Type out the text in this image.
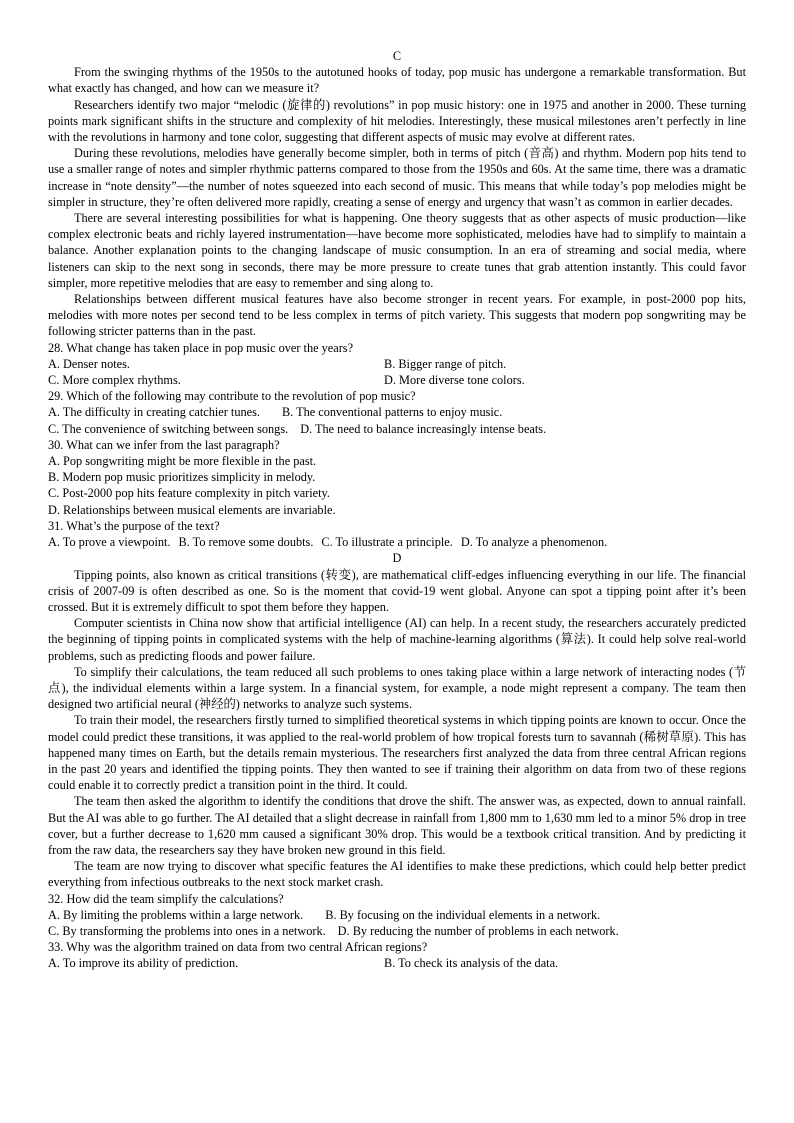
C

From the swinging rhythms of the 1950s to the autotuned hooks of today, pop music has undergone a remarkable transformation. But what exactly has changed, and how can we measure it?

Researchers identify two major “melodic (旋律的) revolutions” in pop music history: one in 1975 and another in 2000. These turning points mark significant shifts in the structure and complexity of hit melodies. Interestingly, these musical milestones aren’t perfectly in line with the revolutions in harmony and tone color, suggesting that different aspects of music may evolve at different rates.

During these revolutions, melodies have generally become simpler, both in terms of pitch (音高) and rhythm. Modern pop hits tend to use a smaller range of notes and simpler rhythmic patterns compared to those from the 1950s and 60s. At the same time, there was a dramatic increase in “note density”—the number of notes squeezed into each second of music. This means that while today’s pop melodies might be simpler in structure, they’re often delivered more rapidly, creating a sense of energy and urgency that wasn’t as common in earlier decades.

There are several interesting possibilities for what is happening. One theory suggests that as other aspects of music production—like complex electronic beats and richly layered instrumentation—have become more sophisticated, melodies have had to simplify to maintain a balance. Another explanation points to the changing landscape of music consumption. In an era of streaming and social media, where listeners can skip to the next song in seconds, there may be more pressure to create tunes that grab attention instantly. This could favor simpler, more repetitive melodies that are easy to remember and sing along to.

Relationships between different musical features have also become stronger in recent years. For example, in post-2000 pop hits, melodies with more notes per second tend to be less complex in terms of pitch variety. This suggests that modern pop songwriting may be following stricter patterns than in the past.

28. What change has taken place in pop music over the years?
A. Denser notes.	B. Bigger range of pitch.
C. More complex rhythms.	D. More diverse tone colors.
29. Which of the following may contribute to the revolution of pop music?
A. The difficulty in creating catchier tunes. B. The conventional patterns to enjoy music.
C. The convenience of switching between songs. D. The need to balance increasingly intense beats.
30. What can we infer from the last paragraph?
A. Pop songwriting might be more flexible in the past.
B. Modern pop music prioritizes simplicity in melody.
C. Post-2000 pop hits feature complexity in pitch variety.
D. Relationships between musical elements are invariable.
31. What’s the purpose of the text?
A. To prove a viewpoint. B. To remove some doubts. C. To illustrate a principle. D. To analyze a phenomenon.
D

Tipping points, also known as critical transitions (转变), are mathematical cliff-edges influencing everything in our life. The financial crisis of 2007-09 is often described as one. So is the moment that covid-19 went global. Anyone can spot a tipping point after it’s been crossed. But it is extremely difficult to spot them before they happen.

Computer scientists in China now show that artificial intelligence (AI) can help. In a recent study, the researchers accurately predicted the beginning of tipping points in complicated systems with the help of machine-learning algorithms (算法). It could help solve real-world problems, such as predicting floods and power failure.

To simplify their calculations, the team reduced all such problems to ones taking place within a large network of interacting nodes (节点), the individual elements within a large system. In a financial system, for example, a node might represent a company. The team then designed two artificial neural (神经的) networks to analyze such systems.

To train their model, the researchers firstly turned to simplified theoretical systems in which tipping points are known to occur. Once the model could predict these transitions, it was applied to the real-world problem of how tropical forests turn to savannah (稀树草原). This has happened many times on Earth, but the details remain mysterious. The researchers first analyzed the data from three central African regions in the past 20 years and identified the tipping points. They then wanted to see if training their algorithm on data from two of these regions could enable it to correctly predict a transition point in the third. It could.

The team then asked the algorithm to identify the conditions that drove the shift. The answer was, as expected, down to annual rainfall. But the AI was able to go further. The AI detailed that a slight decrease in rainfall from 1,800 mm to 1,630 mm led to a minor 5% drop in tree cover, but a further decrease to 1,620 mm caused a significant 30% drop. This would be a textbook critical transition. And by predicting it from the raw data, the researchers say they have broken new ground in this field.

The team are now trying to discover what specific features the AI identifies to make these predictions, which could help better predict everything from infectious outbreaks to the next stock market crash.

32. How did the team simplify the calculations?
A. By limiting the problems within a large network. B. By focusing on the individual elements in a network.
C. By transforming the problems into ones in a network. D. By reducing the number of problems in each network.
33. Why was the algorithm trained on data from two central African regions?
A. To improve its ability of prediction.	B. To check its analysis of the data.
